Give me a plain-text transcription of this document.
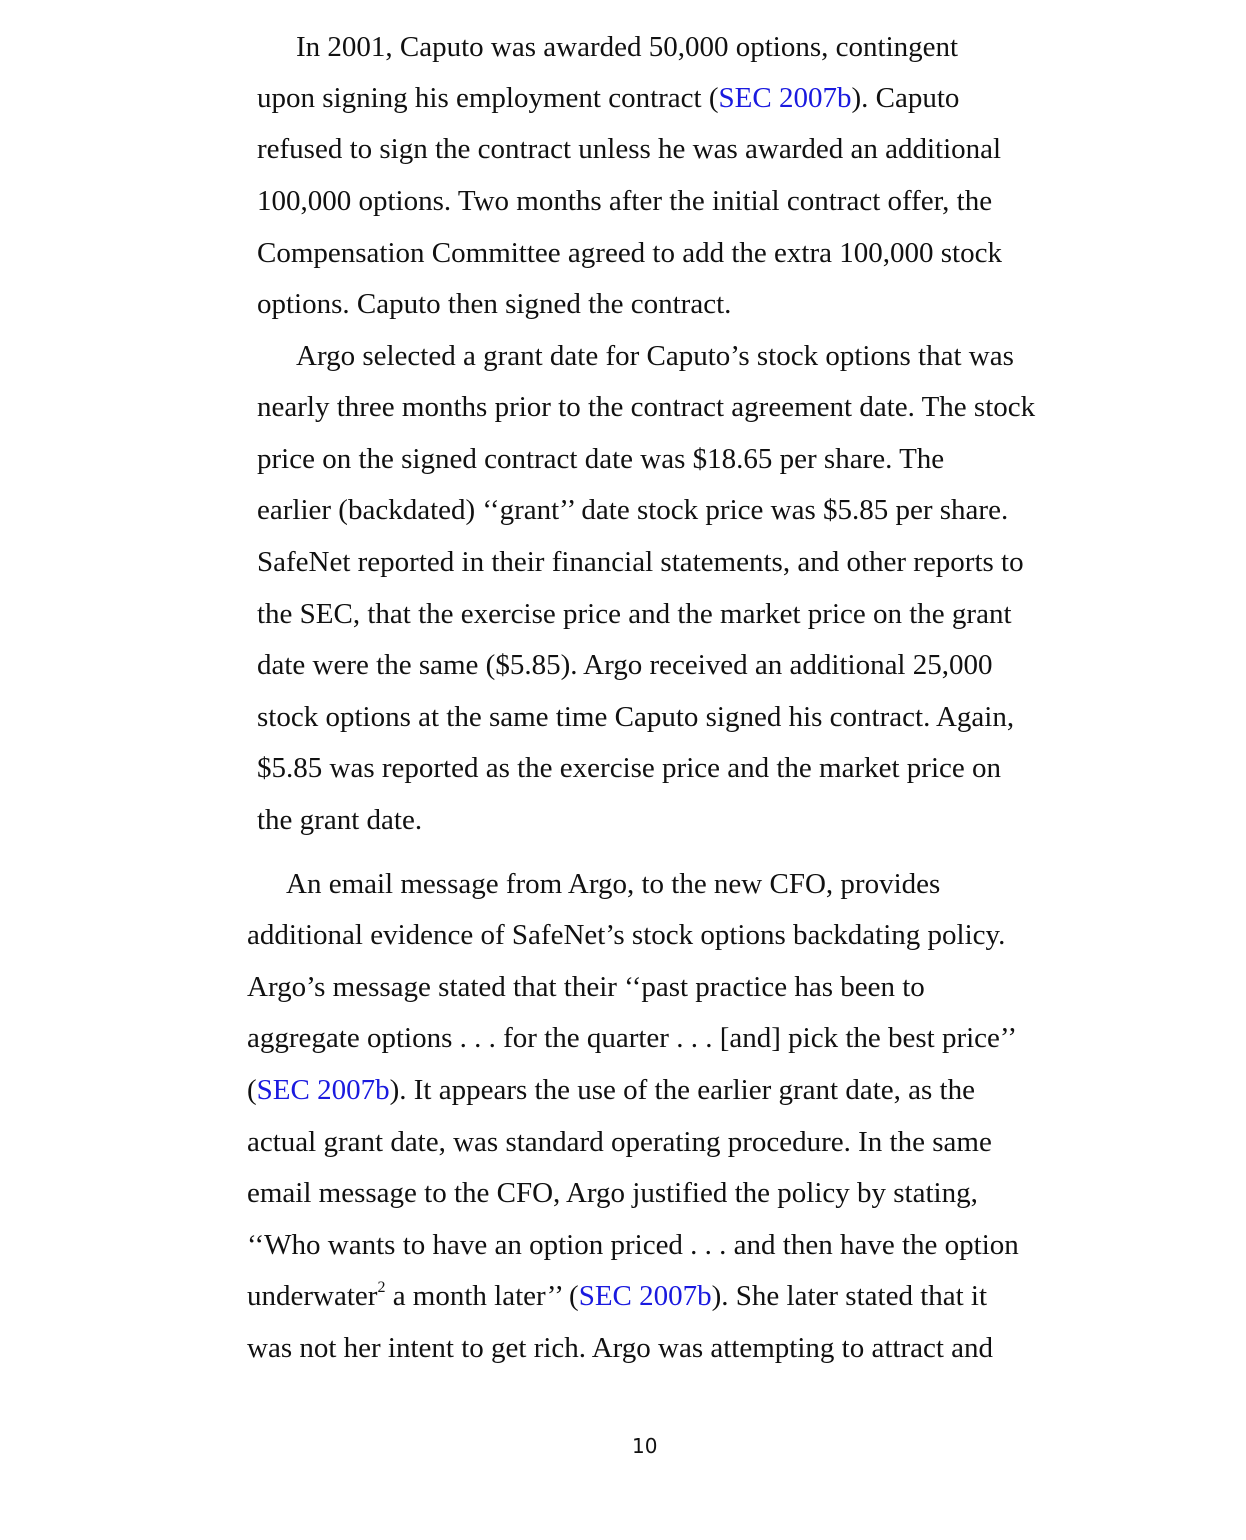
In 2001, Caputo was awarded 50,000 options, contingent
upon signing his employment contract (SEC 2007b). Caputo
refused to sign the contract unless he was awarded an additional
100,000 options. Two months after the initial contract offer, the
Compensation Committee agreed to add the extra 100,000 stock
options. Caputo then signed the contract.
Argo selected a grant date for Caputo’s stock options that was
nearly three months prior to the contract agreement date. The stock
price on the signed contract date was $18.65 per share. The
earlier (backdated) ‘‘grant’’ date stock price was $5.85 per share.
SafeNet reported in their financial statements, and other reports to
the SEC, that the exercise price and the market price on the grant
date were the same ($5.85). Argo received an additional 25,000
stock options at the same time Caputo signed his contract. Again,
$5.85 was reported as the exercise price and the market price on
the grant date.
An email message from Argo, to the new CFO, provides
additional evidence of SafeNet’s stock options backdating policy.
Argo’s message stated that their ‘‘past practice has been to
aggregate options . . . for the quarter . . . [and] pick the best price’’
(SEC 2007b). It appears the use of the earlier grant date, as the
actual grant date, was standard operating procedure. In the same
email message to the CFO, Argo justified the policy by stating,
‘‘Who wants to have an option priced . . . and then have the option
underwater$^2$ a month later’’ (SEC 2007b). She later stated that it
was not her intent to get rich. Argo was attempting to attract and
10
